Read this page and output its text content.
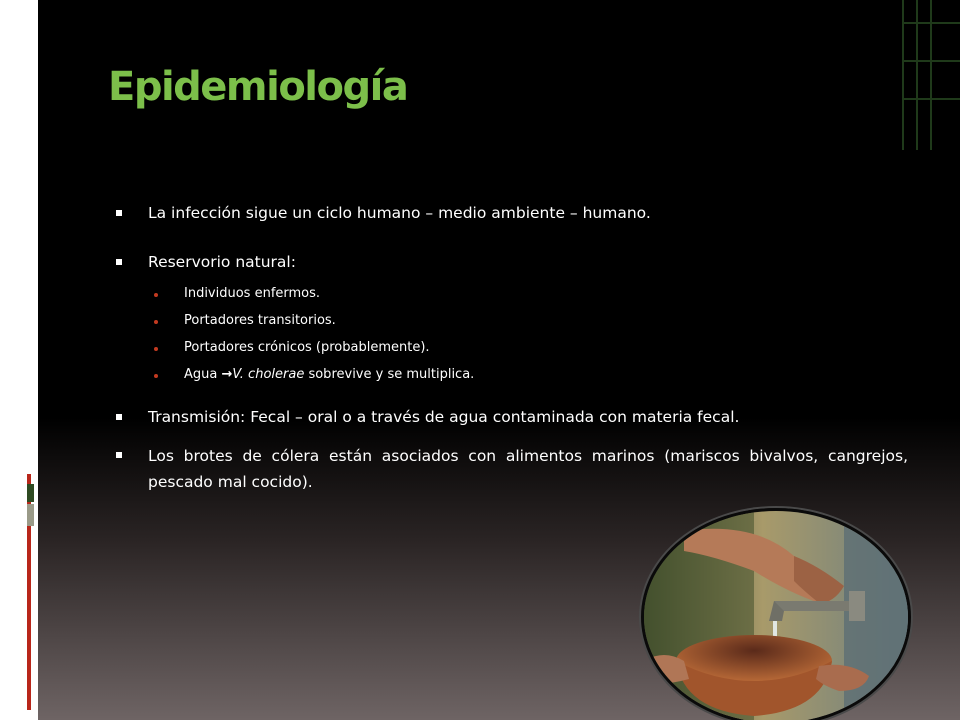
Epidemiología
La infección sigue un ciclo humano – medio ambiente – humano.
Reservorio natural:
Individuos enfermos.
Portadores transitorios.
Portadores crónicos (probablemente).
Agua →V. cholerae sobrevive y se multiplica.
Transmisión: Fecal – oral o a través de agua contaminada con materia fecal.
Los brotes de cólera están asociados con alimentos marinos (mariscos bivalvos, cangrejos, pescado mal cocido).
